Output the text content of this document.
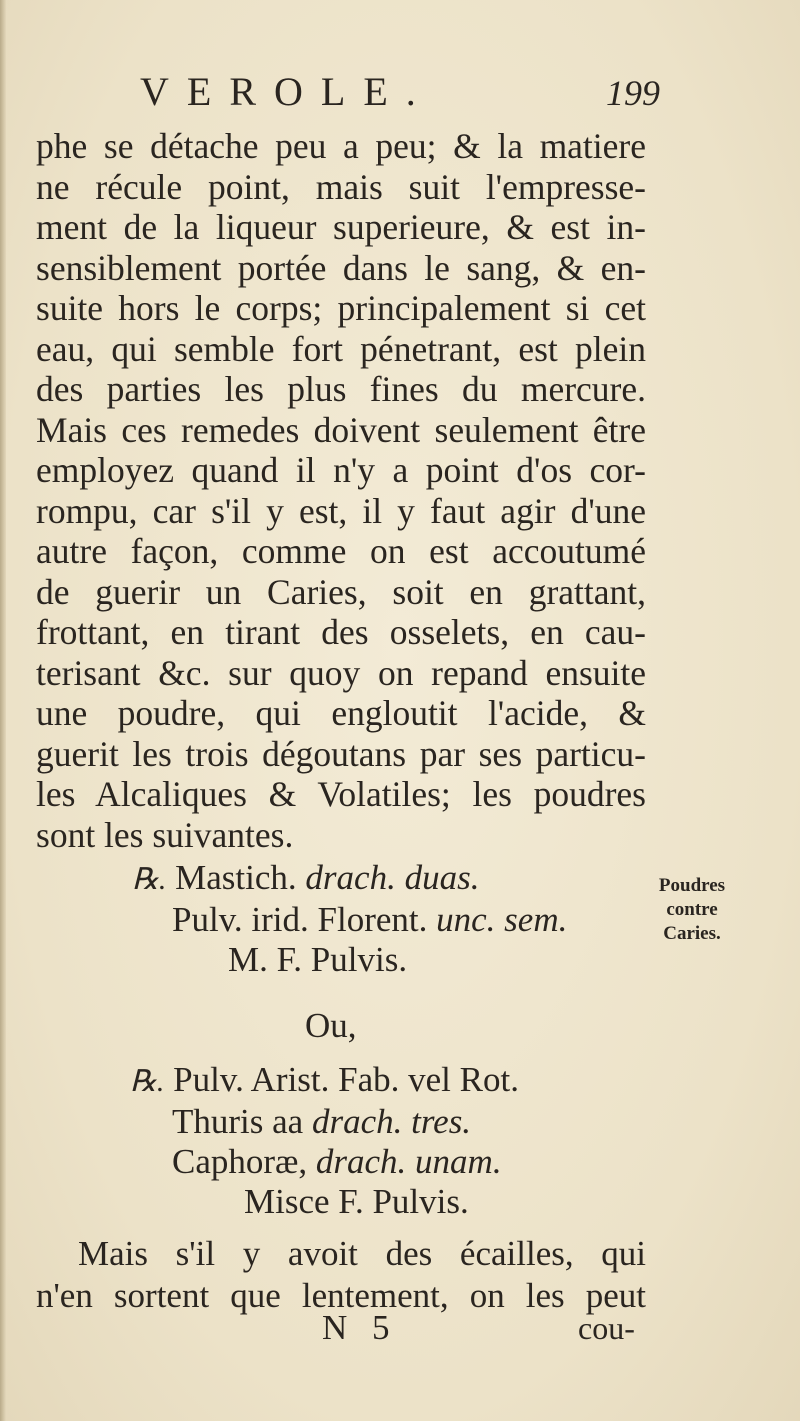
VEROLE.	199
phe se détache peu a peu; & la matiere
ne récule point, mais suit l'empresse-
ment de la liqueur superieure, & est in-
sensiblement portée dans le sang, & en-
suite hors le corps; principalement si cet
eau, qui semble fort pénetrant, est plein
des parties les plus fines du mercure.
Mais ces remedes doivent seulement être
employez quand il n'y a point d'os cor-
rompu, car s'il y est, il y faut agir d'une
autre façon, comme on est accoutumé
de guerir un Caries, soit en grattant,
frottant, en tirant des osselets, en cau-
terisant &c. sur quoy on repand ensuite
une poudre, qui engloutit l'acide, &
guerit les trois dégoutans par ses particu-
les Alcaliques & Volatiles; les poudres
sont les suivantes.
℞. Mastich. drach. duas.
Pulv. irid. Florent. unc. sem.
M. F. Pulvis.
Ou,
℞. Pulv. Arist. Fab. vel Rot.
Thuris aa drach. tres.
Caphoræ, drach. unam.
Misce F. Pulvis.
Mais s'il y avoit des écailles, qui
n'en sortent que lentement, on les peut
N 5	cou-
Poudres
contre
Caries.
